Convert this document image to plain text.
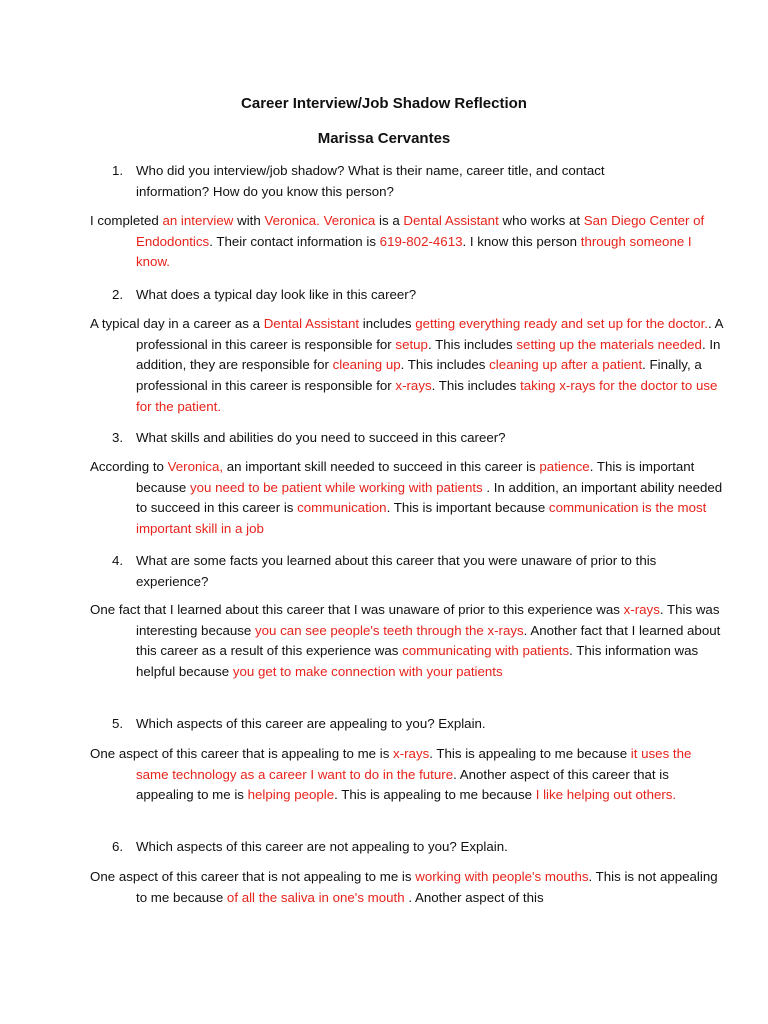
Career Interview/Job Shadow Reflection
Marissa Cervantes
1. Who did you interview/job shadow? What is their name, career title, and contact information? How do you know this person?
I completed an interview with Veronica. Veronica is a Dental Assistant who works at San Diego Center of Endodontics. Their contact information is 619-802-4613. I know this person through someone I know.
2. What does a typical day look like in this career?
A typical day in a career as a Dental Assistant includes getting everything ready and set up for the doctor.. A professional in this career is responsible for setup. This includes setting up the materials needed. In addition, they are responsible for cleaning up. This includes cleaning up after a patient. Finally, a professional in this career is responsible for x-rays. This includes taking x-rays for the doctor to use for the patient.
3. What skills and abilities do you need to succeed in this career?
According to Veronica, an important skill needed to succeed in this career is patience. This is important because you need to be patient while working with patients . In addition, an important ability needed to succeed in this career is communication. This is important because communication is the most important skill in a job
4. What are some facts you learned about this career that you were unaware of prior to this experience?
One fact that I learned about this career that I was unaware of prior to this experience was x-rays. This was interesting because you can see people's teeth through the x-rays. Another fact that I learned about this career as a result of this experience was communicating with patients. This information was helpful because you get to make connection with your patients
5. Which aspects of this career are appealing to you? Explain.
One aspect of this career that is appealing to me is x-rays. This is appealing to me because it uses the same technology as a career I want to do in the future. Another aspect of this career that is appealing to me is helping people. This is appealing to me because I like helping out others.
6. Which aspects of this career are not appealing to you? Explain.
One aspect of this career that is not appealing to me is working with people's mouths. This is not appealing to me because of all the saliva in one's mouth . Another aspect of this
